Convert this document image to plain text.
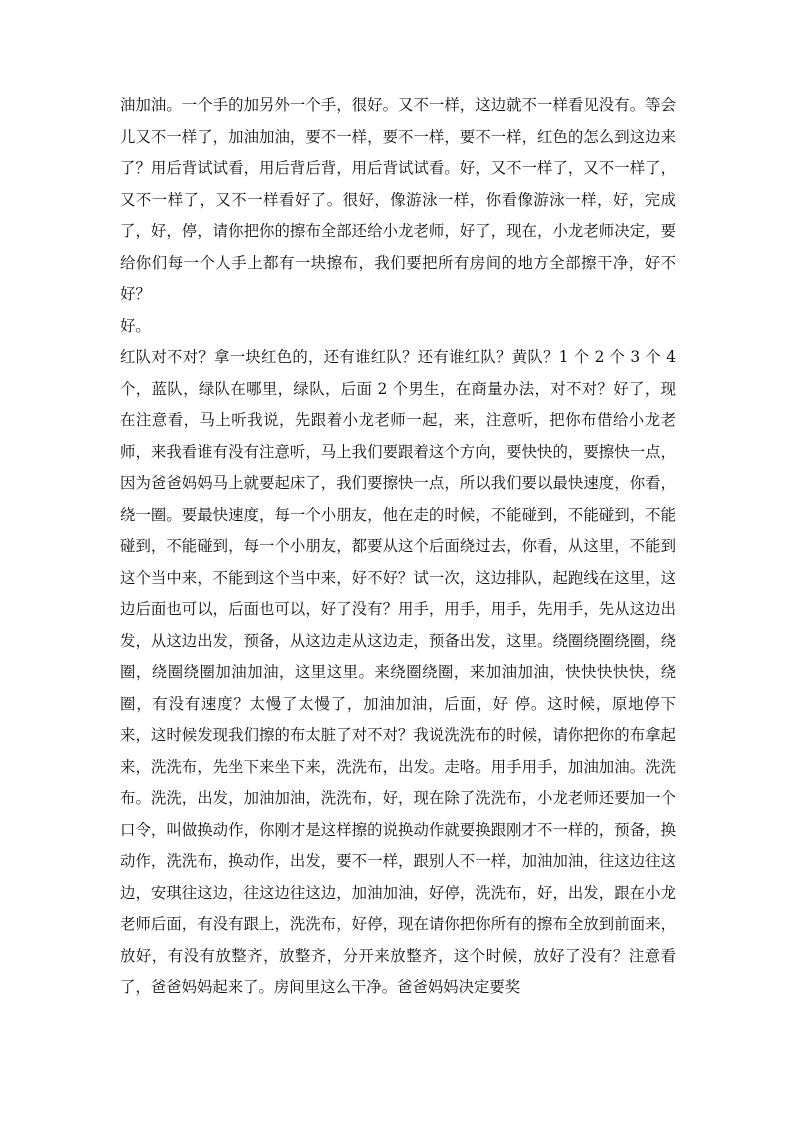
油加油。一个手的加另外一个手，很好。又不一样，这边就不一样看见没有。等会儿又不一样了，加油加油，要不一样，要不一样，要不一样，红色的怎么到这边来了？用后背试试看，用后背后背，用后背试试看。好，又不一样了，又不一样了，又不一样了，又不一样看好了。很好，像游泳一样，你看像游泳一样，好，完成了，好，停，请你把你的擦布全部还给小龙老师，好了，现在，小龙老师决定，要给你们每一个人手上都有一块擦布，我们要把所有房间的地方全部擦干净，好不好？

好。

红队对不对？拿一块红色的，还有谁红队？还有谁红队？黄队？1 个 2 个 3 个 4 个，蓝队，绿队在哪里，绿队，后面 2 个男生，在商量办法，对不对？好了，现在注意看，马上听我说，先跟着小龙老师一起，来，注意听，把你布借给小龙老师，来我看谁有没有注意听，马上我们要跟着这个方向，要快快的，要擦快一点，因为爸爸妈妈马上就要起床了，我们要擦快一点，所以我们要以最快速度，你看，绕一圈。要最快速度，每一个小朋友，他在走的时候，不能碰到，不能碰到，不能碰到，不能碰到，每一个小朋友，都要从这个后面绕过去，你看，从这里，不能到这个当中来，不能到这个当中来，好不好？试一次，这边排队，起跑线在这里，这边后面也可以，后面也可以，好了没有？用手，用手，用手，先用手，先从这边出发，从这边出发，预备，从这边走从这边走，预备出发，这里。绕圈绕圈绕圈，绕圈，绕圈绕圈加油加油，这里这里。来绕圈绕圈，来加油加油，快快快快快，绕圈，有没有速度？太慢了太慢了，加油加油，后面，好 停。这时候，原地停下来，这时候发现我们擦的布太脏了对不对？我说洗洗布的时候，请你把你的布拿起来，洗洗布，先坐下来坐下来，洗洗布，出发。走咯。用手用手，加油加油。洗洗布。洗洗，出发，加油加油，洗洗布，好，现在除了洗洗布，小龙老师还要加一个口令，叫做换动作，你刚才是这样擦的说换动作就要换跟刚才不一样的，预备，换动作，洗洗布，换动作，出发，要不一样，跟别人不一样，加油加油，往这边往这边，安琪往这边，往这边往这边，加油加油，好停，洗洗布，好，出发，跟在小龙老师后面，有没有跟上，洗洗布，好停，现在请你把你所有的擦布全放到前面来，放好，有没有放整齐，放整齐，分开来放整齐，这个时候，放好了没有？注意看了，爸爸妈妈起来了。房间里这么干净。爸爸妈妈决定要奖
